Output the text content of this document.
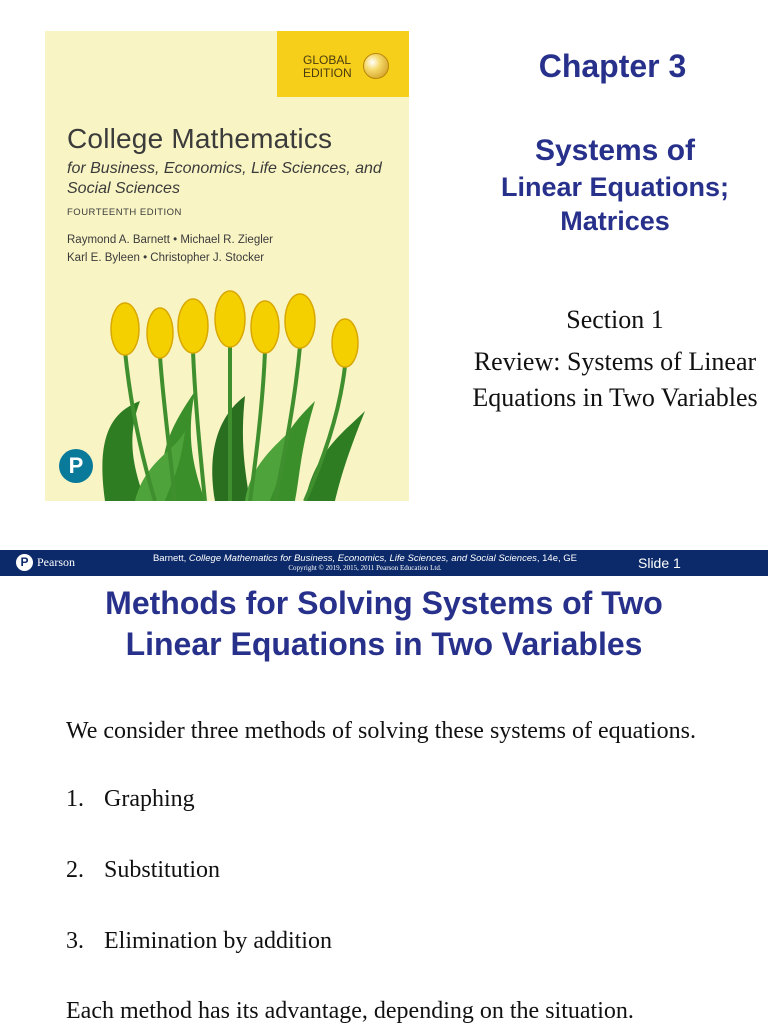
GLOBAL
EDITION
College Mathematics
for Business, Economics, Life Sciences, and Social Sciences
FOURTEENTH EDITION
Raymond A. Barnett • Michael R. Ziegler
Karl E. Byleen • Christopher J. Stocker
P
Chapter 3
Systems of
Linear Equations; Matrices
Section 1
Review: Systems of Linear Equations in Two Variables
P Pearson	Barnett, College Mathematics for Business, Economics, Life Sciences, and Social Sciences, 14e, GE
Copyright © 2019, 2015, 2011 Pearson Education Ltd.	Slide 1
Methods for Solving Systems of Two Linear Equations in Two Variables
We consider three methods of solving these systems of equations.
1. Graphing
2. Substitution
3. Elimination by addition
Each method has its advantage, depending on the situation.
